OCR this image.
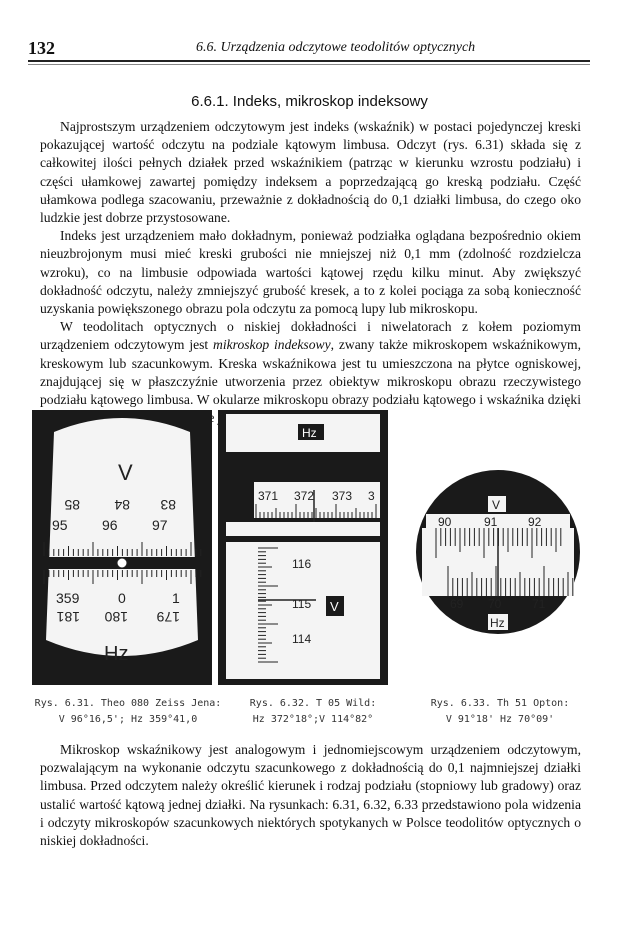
132	6.6. Urządzenia odczytowe teodolitów optycznych
6.6.1. Indeks, mikroskop indeksowy

Najprostszym urządzeniem odczytowym jest indeks (wskaźnik) w postaci pojedynczej kreski pokazującej wartość odczytu na podziale kątowym limbusa. Odczyt (rys. 6.31) składa się z całkowitej ilości pełnych działek przed wskaźnikiem (patrząc w kierunku wzrostu podziału) i części ułamkowej zawartej pomiędzy indeksem a poprzedzającą go kreską podziału. Część ułamkowa podlega szacowaniu, przeważnie z dokładnością do 0,1 działki limbusa, do czego oko ludzkie jest dobrze przystosowane.

Indeks jest urządzeniem mało dokładnym, ponieważ podziałka oglądana bezpośrednio okiem nieuzbrojonym musi mieć kreski grubości nie mniejszej niż 0,1 mm (zdolność rozdzielcza wzroku), co na limbusie odpowiada wartości kątowej rzędu kilku minut. Aby zwiększyć dokładność odczytu, należy zmniejszyć grubość kresek, a to z kolei pociąga za sobą konieczność uzyskania powiększonego obrazu pola odczytu za pomocą lupy lub mikroskopu.

W teodolitach optycznych o niskiej dokładności i niwelatorach z kołem poziomym urządzeniem odczytowym jest mikroskop indeksowy, zwany także mikroskopem wskaźnikowym, kreskowym lub szacunkowym. Kreska wskaźnikowa jest tu umieszczona na płytce ogniskowej, znajdującej się w płaszczyźnie utworzenia przez obiektyw mikroskopu obrazu rzeczywistego podziału kątowego limbusa. W okularze mikroskopu obrazy podziału kątowego i wskaźnika dzięki

V
85 84 83
95 96 97
359	0	1
181 180 179
Hz
Hz
371 372 373 3
116
115
114
V
V
90	91	92
69 70	71
Hz
Rys. 6.31. Theo 080 Zeiss Jena:
V 96°16,5'; Hz 359°41,0
Rys. 6.32. T 05 Wild:
Hz 372°18°;V 114°82°
Rys. 6.33. Th 51 Opton:
V 91°18' Hz 70°09'

Mikroskop wskaźnikowy jest analogowym i jednomiejscowym urządzeniem odczytowym, pozwalającym na wykonanie odczytu szacunkowego z dokładnością do 0,1 najmniejszej działki limbusa. Przed odczytem należy określić kierunek i rodzaj podziału (stopniowy lub gradowy) oraz ustalić wartość kątową jednej działki. Na rysunkach: 6.31, 6.32, 6.33 przedstawiono pola widzenia i odczyty mikroskopów szacunkowych niektórych spotykanych w Polsce teodolitów optycznych o niskiej dokładności.
